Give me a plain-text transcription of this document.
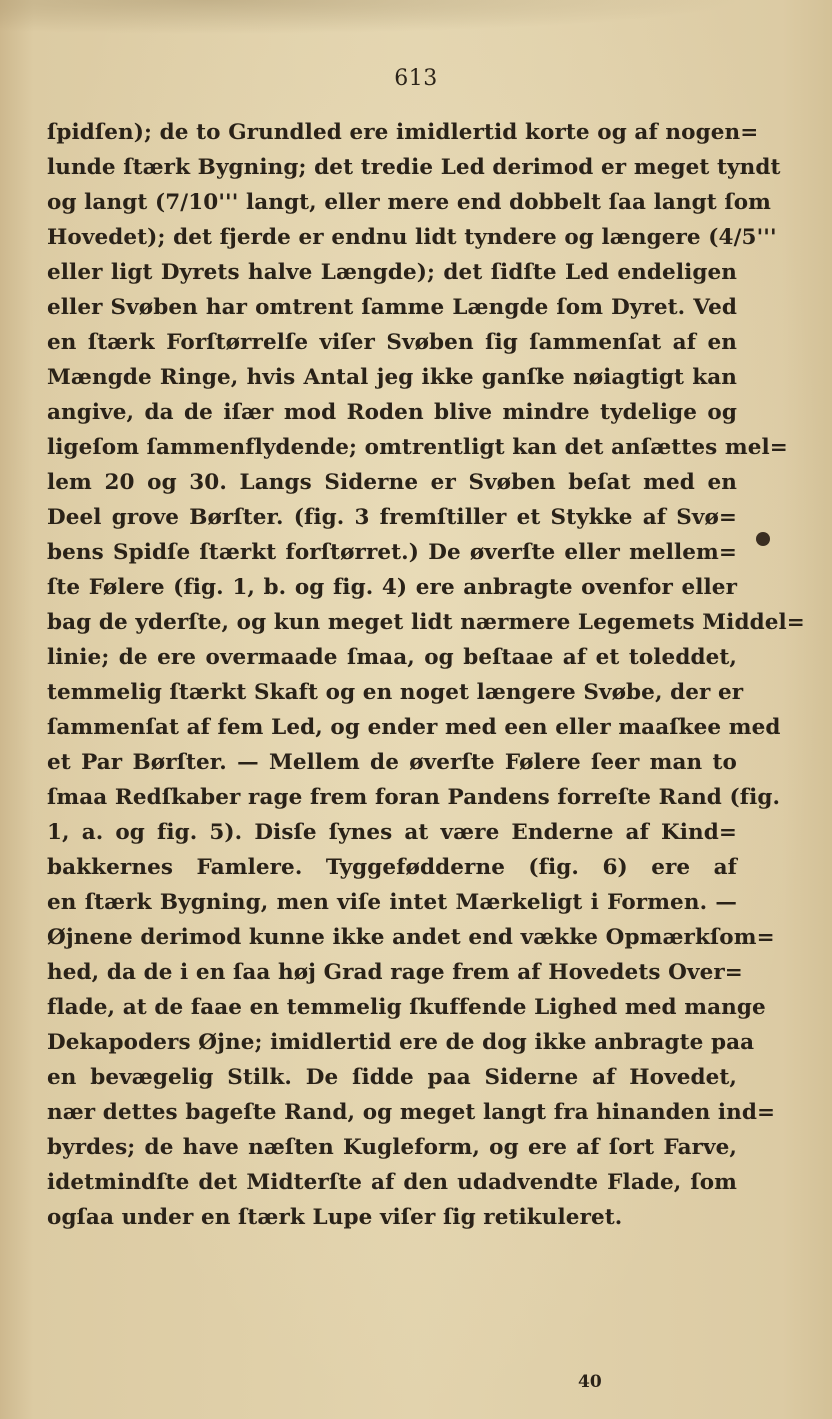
613
ſpidſen); de to Grundled ere imidlertid korte og af nogen=
lunde ſtærk Bygning; det tredie Led derimod er meget tyndt
og langt (7/10''' langt, eller mere end dobbelt ſaa langt ſom
Hovedet); det fjerde er endnu lidt tyndere og længere (4/5'''
eller ligt Dyrets halve Længde); det ſidſte Led endeligen
eller Svøben har omtrent ſamme Længde ſom Dyret. Ved
en ſtærk Forſtørrelſe viſer Svøben ſig ſammenſat af en
Mængde Ringe, hvis Antal jeg ikke ganſke nøiagtigt kan
angive, da de iſær mod Roden blive mindre tydelige og
ligeſom ſammenflydende; omtrentligt kan det anſættes mel=
lem 20 og 30. Langs Siderne er Svøben beſat med en
Deel grove Børſter. (fig. 3 fremſtiller et Stykke af Svø=
bens Spidſe ſtærkt forſtørret.) De øverſte eller mellem=
ſte Følere (fig. 1, b. og fig. 4) ere anbragte ovenfor eller
bag de yderſte, og kun meget lidt nærmere Legemets Middel=
linie; de ere overmaade ſmaa, og beſtaae af et toleddet,
temmelig ſtærkt Skaft og en noget længere Svøbe, der er
ſammenſat af fem Led, og ender med een eller maaſkee med
et Par Børſter. — Mellem de øverſte Følere ſeer man to
ſmaa Redſkaber rage frem foran Pandens forreſte Rand (fig.
1, a. og fig. 5). Disſe ſynes at være Enderne af Kind=
bakkernes Famlere. Tyggefødderne (fig. 6) ere af
en ſtærk Bygning, men viſe intet Mærkeligt i Formen. —
Øjnene derimod kunne ikke andet end vække Opmærkſom=
hed, da de i en ſaa høj Grad rage frem af Hovedets Over=
flade, at de faae en temmelig ſkuffende Lighed med mange
Dekapoders Øjne; imidlertid ere de dog ikke anbragte paa
en bevægelig Stilk. De ſidde paa Siderne af Hovedet,
nær dettes bageſte Rand, og meget langt fra hinanden ind=
byrdes; de have næſten Kugleform, og ere af ſort Farve,
idetmindſte det Midterſte af den udadvendte Flade, ſom
ogſaa under en ſtærk Lupe viſer ſig retikuleret.
40
